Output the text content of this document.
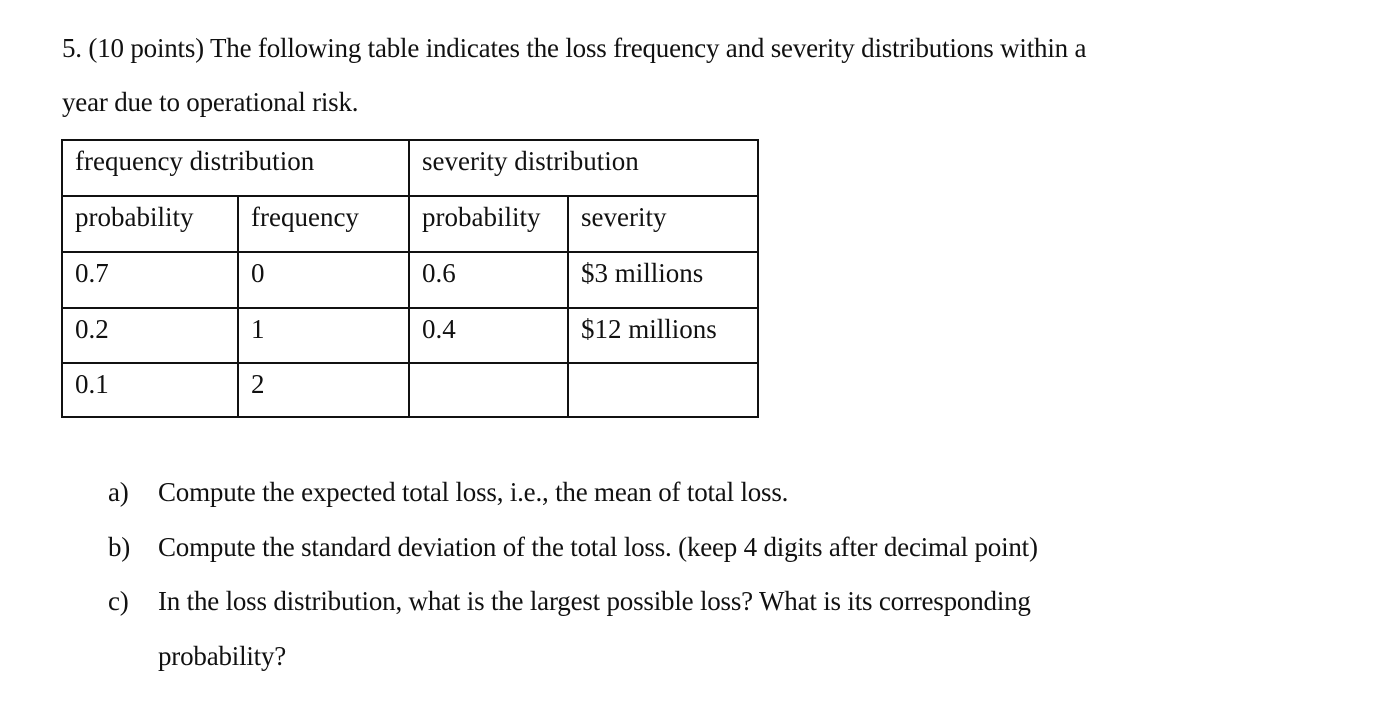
5. (10 points) The following table indicates the loss frequency and severity distributions within a
year due to operational risk.
frequency distribution	severity distribution
probability	frequency	probability	severity
0.7	0	0.6	$3 millions
0.2	1	0.4	$12 millions
0.1	2
a) Compute the expected total loss, i.e., the mean of total loss.
b) Compute the standard deviation of the total loss. (keep 4 digits after decimal point)
c) In the loss distribution, what is the largest possible loss? What is its corresponding
probability?
